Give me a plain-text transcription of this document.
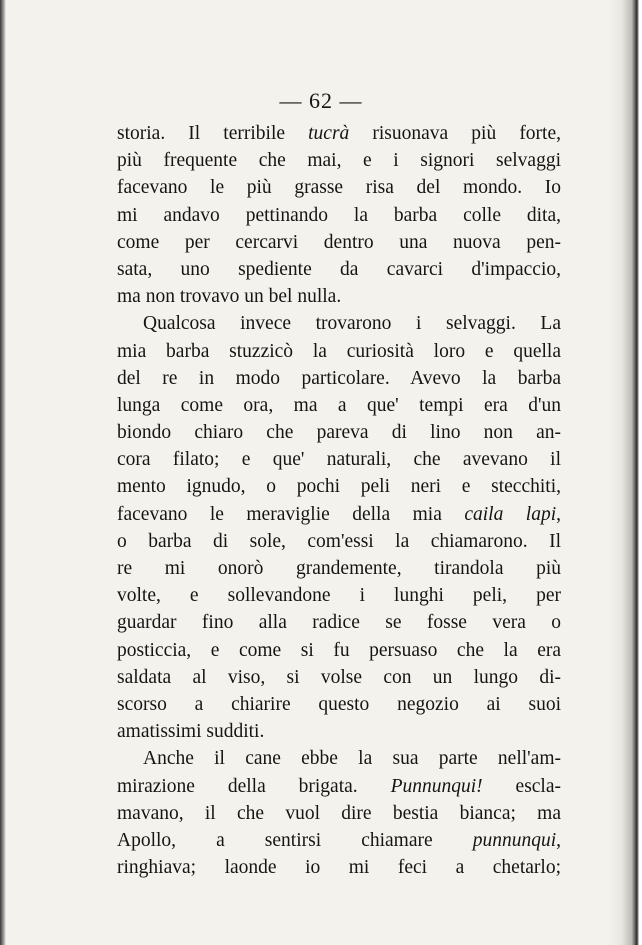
— 62 —
storia. Il terribile tucrà risuonava più forte,
più frequente che mai, e i signori selvaggi
facevano le più grasse risa del mondo. Io
mi andavo pettinando la barba colle dita,
come per cercarvi dentro una nuova pen-
sata, uno spediente da cavarci d'impaccio,
ma non trovavo un bel nulla.
Qualcosa invece trovarono i selvaggi. La
mia barba stuzzicò la curiosità loro e quella
del re in modo particolare. Avevo la barba
lunga come ora, ma a que' tempi era d'un
biondo chiaro che pareva di lino non an-
cora filato; e que' naturali, che avevano il
mento ignudo, o pochi peli neri e stecchiti,
facevano le meraviglie della mia caila lapi,
o barba di sole, com'essi la chiamarono. Il
re mi onorò grandemente, tirandola più
volte, e sollevandone i lunghi peli, per
guardar fino alla radice se fosse vera o
posticcia, e come si fu persuaso che la era
saldata al viso, si volse con un lungo di-
scorso a chiarire questo negozio ai suoi
amatissimi sudditi.
Anche il cane ebbe la sua parte nell'am-
mirazione della brigata. Punnunqui! escla-
mavano, il che vuol dire bestia bianca; ma
Apollo, a sentirsi chiamare punnunqui,
ringhiava; laonde io mi feci a chetarlo;
